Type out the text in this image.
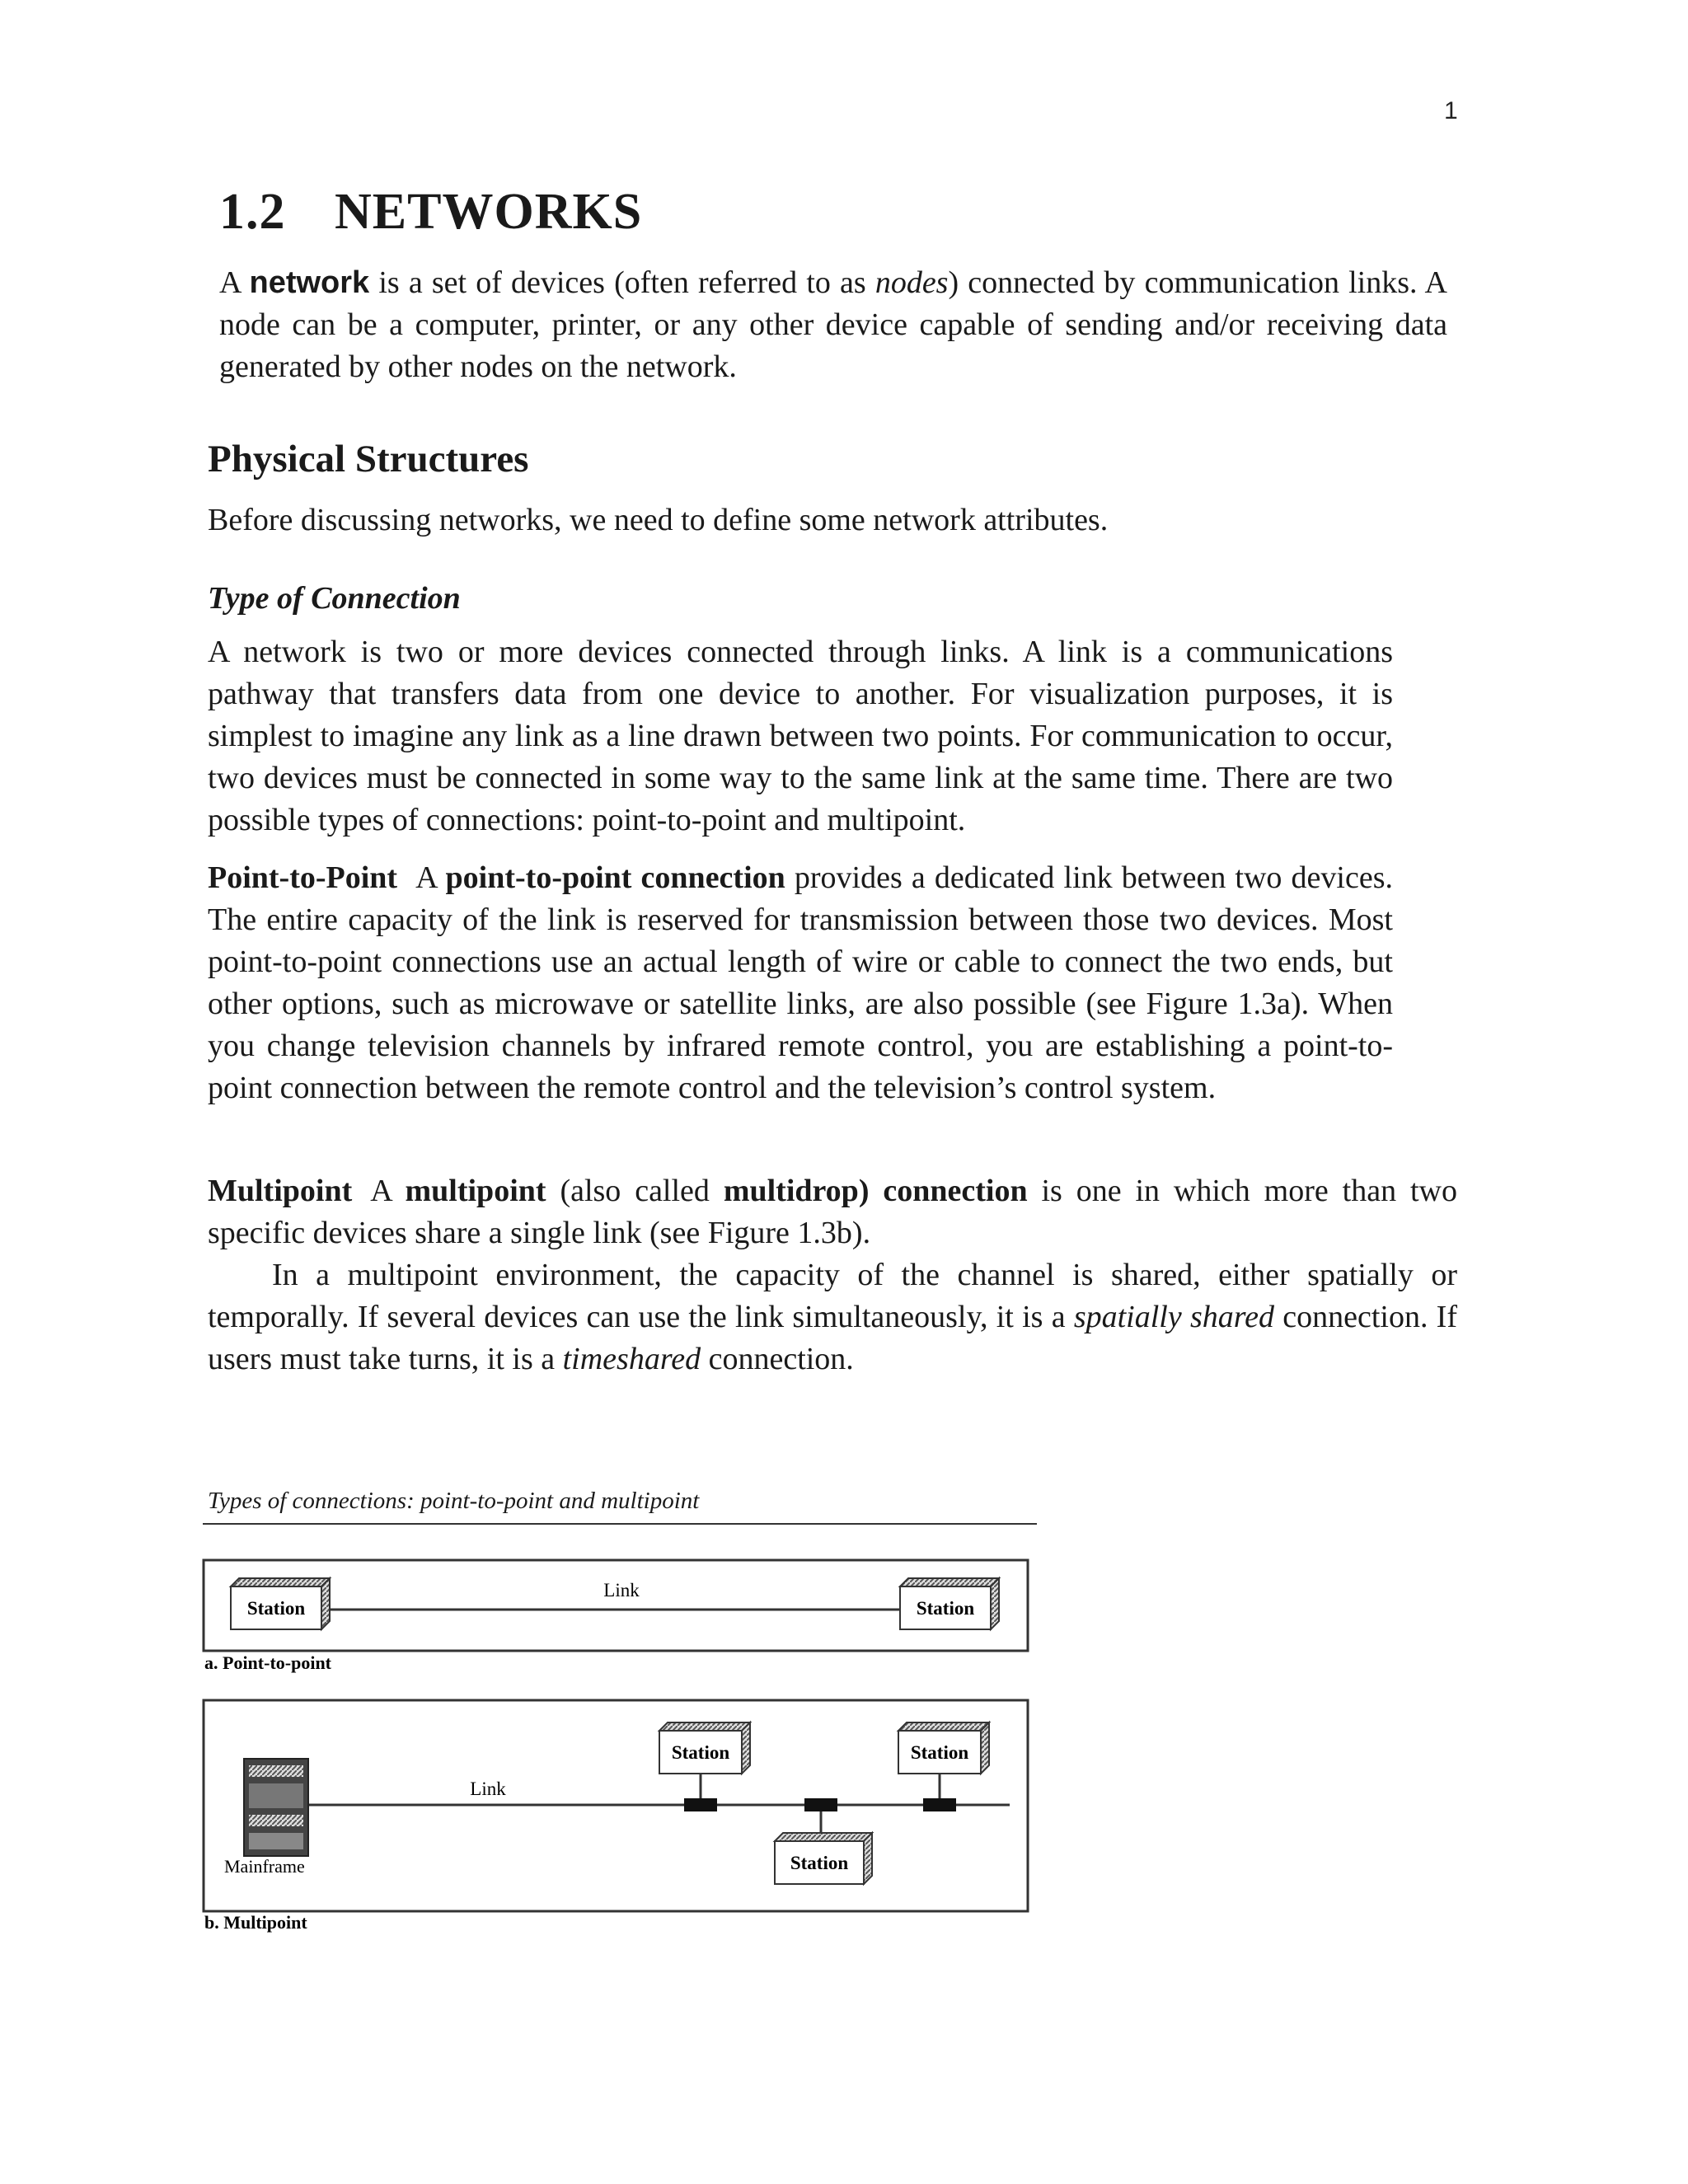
1
1.2 NETWORKS

A network is a set of devices (often referred to as nodes) connected by communication links. A node can be a computer, printer, or any other device capable of sending and/or receiving data generated by other nodes on the network.

Physical Structures

Before discussing networks, we need to define some network attributes.

Type of Connection

A network is two or more devices connected through links. A link is a communications pathway that transfers data from one device to another. For visualization purposes, it is simplest to imagine any link as a line drawn between two points. For communication to occur, two devices must be connected in some way to the same link at the same time. There are two possible types of connections: point-to-point and multipoint.

Point-to-Point A point-to-point connection provides a dedicated link between two devices. The entire capacity of the link is reserved for transmission between those two devices. Most point-to-point connections use an actual length of wire or cable to connect the two ends, but other options, such as microwave or satellite links, are also possible (see Figure 1.3a). When you change television channels by infrared remote control, you are establishing a point-to-point connection between the remote control and the television’s control system.

Multipoint A multipoint (also called multidrop) connection is one in which more than two specific devices share a single link (see Figure 1.3b).
In a multipoint environment, the capacity of the channel is shared, either spatially or temporally. If several devices can use the link simultaneously, it is a spatially shared connection. If users must take turns, it is a timeshared connection.

Types of connections: point-to-point and multipoint

Link
Station	Station
a. Point-to-point
Link
Mainframe
Station	Station
Station
b. Multipoint
